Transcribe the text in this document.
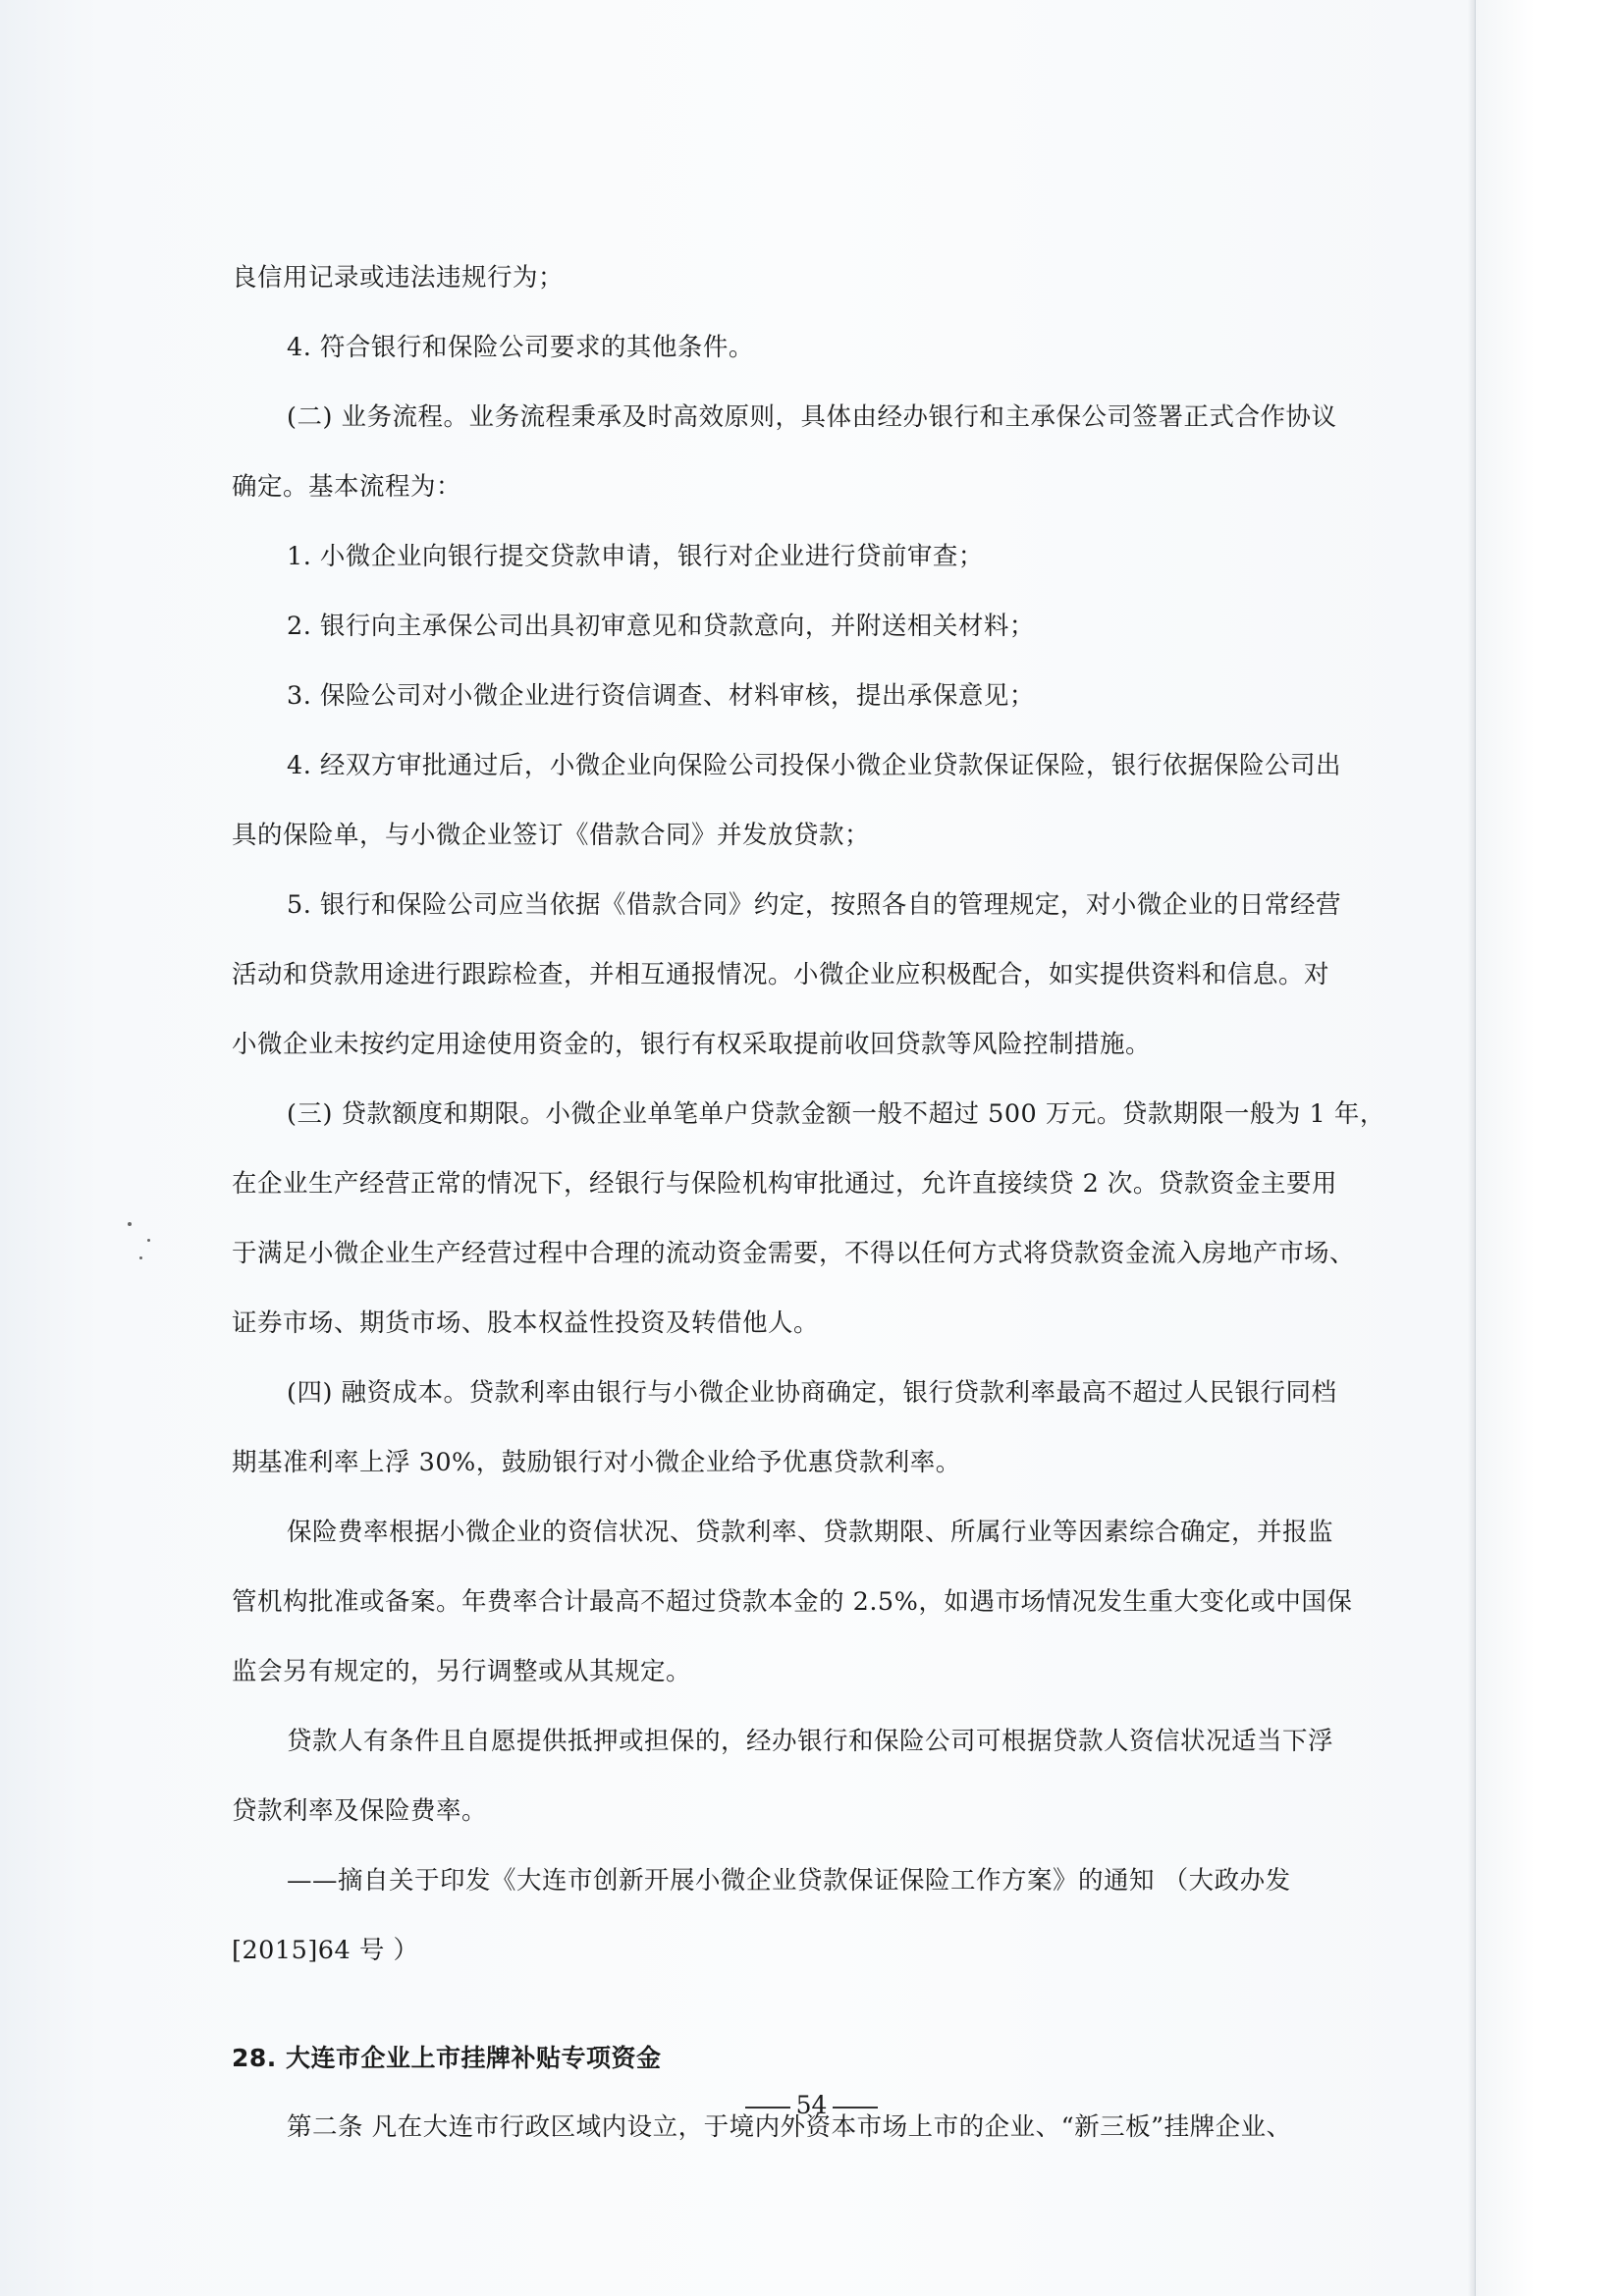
良信用记录或违法违规行为；
4. 符合银行和保险公司要求的其他条件。
(二) 业务流程。业务流程秉承及时高效原则，具体由经办银行和主承保公司签署正式合作协议
确定。基本流程为：
1. 小微企业向银行提交贷款申请，银行对企业进行贷前审查；
2. 银行向主承保公司出具初审意见和贷款意向，并附送相关材料；
3. 保险公司对小微企业进行资信调查、材料审核，提出承保意见；
4. 经双方审批通过后，小微企业向保险公司投保小微企业贷款保证保险，银行依据保险公司出
具的保险单，与小微企业签订《借款合同》并发放贷款；
5. 银行和保险公司应当依据《借款合同》约定，按照各自的管理规定，对小微企业的日常经营
活动和贷款用途进行跟踪检查，并相互通报情况。小微企业应积极配合，如实提供资料和信息。对
小微企业未按约定用途使用资金的，银行有权采取提前收回贷款等风险控制措施。
(三) 贷款额度和期限。小微企业单笔单户贷款金额一般不超过 500 万元。贷款期限一般为 1 年，
在企业生产经营正常的情况下，经银行与保险机构审批通过，允许直接续贷 2 次。贷款资金主要用
于满足小微企业生产经营过程中合理的流动资金需要，不得以任何方式将贷款资金流入房地产市场、
证券市场、期货市场、股本权益性投资及转借他人。
(四) 融资成本。贷款利率由银行与小微企业协商确定，银行贷款利率最高不超过人民银行同档
期基准利率上浮 30%，鼓励银行对小微企业给予优惠贷款利率。
保险费率根据小微企业的资信状况、贷款利率、贷款期限、所属行业等因素综合确定，并报监
管机构批准或备案。年费率合计最高不超过贷款本金的 2.5%，如遇市场情况发生重大变化或中国保
监会另有规定的，另行调整或从其规定。
贷款人有条件且自愿提供抵押或担保的，经办银行和保险公司可根据贷款人资信状况适当下浮
贷款利率及保险费率。
——摘自关于印发《大连市创新开展小微企业贷款保证保险工作方案》的通知 （大政办发
[2015]64 号 ）
28. 大连市企业上市挂牌补贴专项资金
第二条 凡在大连市行政区域内设立，于境内外资本市场上市的企业、“新三板”挂牌企业、
54
